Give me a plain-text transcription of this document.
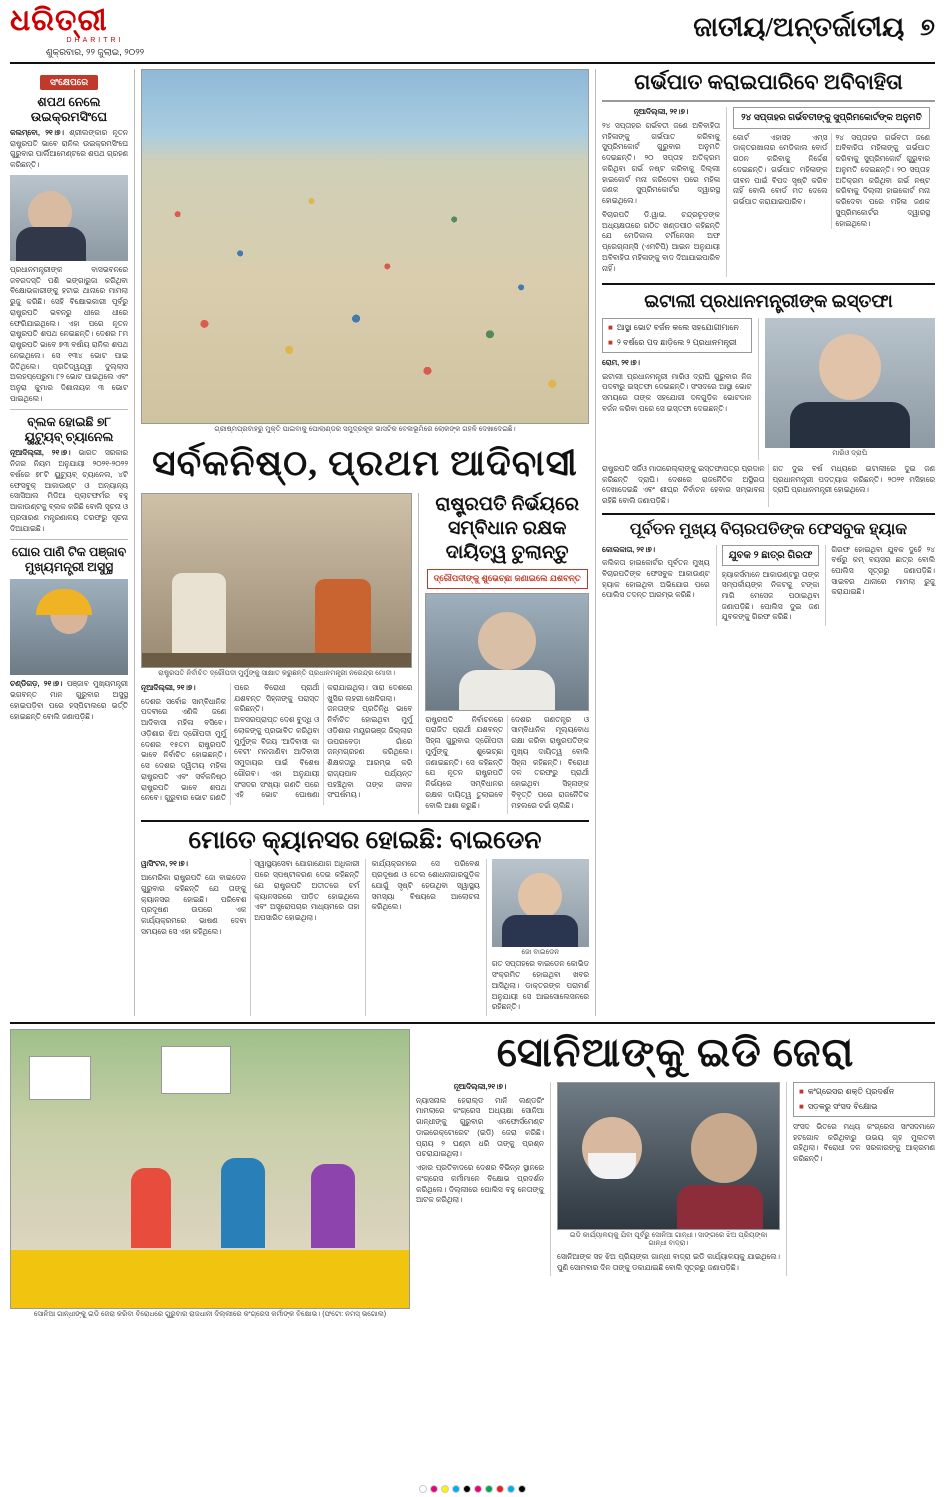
ଧରିତ୍ରୀ
DHARITRI
ଶୁକ୍ରବାର, ୨୨ ଜୁଲାଇ, ୨୦୨୨
ଜାତୀୟ/ଅନ୍ତର୍ଜାତୀୟ ୭
ସଂକ୍ଷେପରେ
ଶପଥ ନେଲେ ଉଇକ୍ରମସିଂଘେ
କଲମ୍ବୋ, ୨୧।୭। ଶ୍ରୀଲଙ୍କାର ନୂତନ ରାଷ୍ଟ୍ରପତି ଭାବେ ରାନିଲ ଉଇକ୍ରମସିଂଘେ ଗୁରୁବାର ପାର୍ଲିଆମେଣ୍ଟରେ ଶପଥ ଗ୍ରହଣ କରିଛନ୍ତି।
ପ୍ରଧାନମନ୍ତ୍ରୀଙ୍କ ବାସଭବନରେ ଜବରଦସ୍ତି ପଶି ଭଙ୍ଗାରୁଜା କରିଥିବା ବିକ୍ଷୋଭକାରୀଙ୍କୁ ହଟାଇ ଥାନାରେ ମାମଲା ରୁଜୁ କରିଛି। ସେହି ବିକ୍ଷୋଭକାରୀ ପୂର୍ବରୁ ରାଷ୍ଟ୍ରପତି ଭବନରୁ ଧୀରେ ଧୀରେ ଫେରିଯାଇଥିଲେ। ଏହା ପରେ ନୂତନ ରାଷ୍ଟ୍ରପତି ଶପଥ ନେଇଛନ୍ତି। ଦେଶର ୮ମ ରାଷ୍ଟ୍ରପତି ଭାବେ ୭୩ ବର୍ଷୀୟ ରାନିଲ ଶପଥ ନେଇଥିଲେ। ସେ ୧୩୪ ଭୋଟ ପାଇ ଜିତିଥିଲେ। ପ୍ରତିଦ୍ୱନ୍ଦ୍ୱୀ ଦୁଲ୍ଲାସ ଅଲହପ୍ପେରୁମା ୮୨ ଭୋଟ ପାଇଥିଲେ ଏବଂ ଅନୁରା କୁମାର ଦିଶାନାୟକ ୩ ଭୋଟ ପାଇଥିଲେ।
ବ୍ଲକ ହୋଇଛି ୭୮ ୟୁଟ୍ୟୁବ୍ ଚ୍ୟାନେଲ
ନୂଆଦିଲ୍ଲୀ, ୨୧।୭। ଭାରତ ସରକାର ନିଜର ନିୟମ ଅନୁଯାୟୀ ୨୦୨୧-୨୦୨୨ ବର୍ଷରେ ୭୮ଟି ୟୁଟ୍ୟୁବ୍ ଚ୍ୟାନେଲ, ୪ଟି ଫେସବୁକ୍ ଆକାଉଣ୍ଟ ଓ ଅନ୍ୟାନ୍ୟ ସୋସିଆଲ ମିଡିଆ ପ୍ଲାଟଫର୍ମର ବହୁ ଆକାଉଣ୍ଟକୁ ବ୍ଲକ କରିଛି ବୋଲି ସୂଚନା ଓ ପ୍ରସାରଣ ମନ୍ତ୍ରଣାଳୟ ତରଫରୁ ସୂଚନା ଦିଆଯାଇଛି।
ଘୋର ପାଣି ଟିକ ପଞ୍ଜାବ ମୁଖ୍ୟମନ୍ତ୍ରୀ ଅସୁସ୍ଥ
ଚଣ୍ଡିଗଡ଼, ୨୧।୭। ପଞ୍ଜାବ ମୁଖ୍ୟମନ୍ତ୍ରୀ ଭଗବନ୍ତ ମାନ ଗୁରୁବାର ଅସୁସ୍ଥ ହୋଇପଡ଼ିବା ପରେ ହସ୍ପିଟାଲରେ ଭର୍ତ୍ତି ହୋଇଛନ୍ତି ବୋଲି ଜଣାପଡ଼ିଛି।
ଗ୍ରୀଷ୍ମପ୍ରବାହରୁ ମୁକ୍ତି ପାଇବାକୁ ପୋଲାଣ୍ଡର ସମୁଦ୍ରକୂଳ ଭାସଟିକ ବେଳାଭୂମିରେ ଲୋକଙ୍କ ଗହଳି ଦେଖାଦେଇଛି।
ସର୍ବକନିଷ୍ଠ, ପ୍ରଥମ ଆଦିବାସୀ
ରାଷ୍ଟ୍ରପତି ନିର୍ବାଚିତ ଦ୍ରୌପଦୀ ମୁର୍ମୁଙ୍କୁ ସାକ୍ଷାତ କରୁଛନ୍ତି ପ୍ରଧାନମନ୍ତ୍ରୀ ନରେନ୍ଦ୍ର ମୋଦୀ।

ନୂଆଦିଲ୍ଲୀ, ୨୧।୭।

ଦେଶର ସର୍ବୋଚ୍ଚ ସାମ୍ବିଧାନିକ ପଦବୀରେ ଏଣିକି ଜଣେ ଆଦିବାସୀ ମହିଳା ବସିବେ। ଓଡ଼ିଶାର ଝିଅ ଦ୍ରୌପଦୀ ମୁର୍ମୁ ଦେଶର ୧୫ତମ ରାଷ୍ଟ୍ରପତି ଭାବେ ନିର୍ବାଚିତ ହୋଇଛନ୍ତି। ସେ ଦେଶର ଦ୍ୱିତୀୟ ମହିଳା ରାଷ୍ଟ୍ରପତି ଏବଂ ସର୍ବକନିଷ୍ଠ ରାଷ୍ଟ୍ରପତି ଭାବେ ଶପଥ ନେବେ। ଗୁରୁବାର ଭୋଟ ଗଣତି ପରେ ବିରୋଧୀ ପ୍ରାର୍ଥୀ ଯଶବନ୍ତ ସିହ୍ନାଙ୍କୁ ପରାସ୍ତ କରିଛନ୍ତି।

ଅବସରପ୍ରାପ୍ତ ଦେଶ ବୁଦ୍ଧି ଓ ଲୋକଙ୍କୁ ପ୍ରଭାବିତ କରିଥିବା ମୁର୍ମୁଙ୍କ ବିଜୟ 'ଆଦିବାସୀ କା ବେଟୀ' ମନଜାଣିବା ଆଦିବାସୀ ସମୁଦାୟର ପାଇଁ ବିଶେଷ ଗୌରବ। ଏହା ଅନୁଯାୟୀ ସଂସଦର ସଂଖ୍ୟା ଗଣତି ପରେ ଏହି ଭୋଟ ଘୋଷଣା କରାଯାଇଥିଲା। ସାରା ଦେଶରେ ଖୁସିର ଲହରୀ ଖେଳିଗଲା।

ଜନତାଙ୍କ ପ୍ରତିନିଧି ଭାବେ ନିର୍ବାଚିତ ହୋଇଥିବା ମୁର୍ମୁ ଓଡ଼ିଶାର ମୟୂରଭଞ୍ଜ ଜିଲ୍ଲାର ଉପରବେଡ଼ା ଗାଁରେ ଜନ୍ମଗ୍ରହଣ କରିଥିଲେ। ଶିକ୍ଷକତାରୁ ଆରମ୍ଭ କରି ରାଜ୍ୟପାଳ ପର୍ଯ୍ୟନ୍ତ ପହଞ୍ଚିଥିବା ତାଙ୍କ ଜୀବନ ସଂଘର୍ଷମୟ।

ରାଷ୍ଟ୍ରପତି ନିର୍ଭୟରେ ସମ୍ବିଧାନ ରକ୍ଷକ ଦାୟିତ୍ୱ ତୁଲାନ୍ତୁ
ଦ୍ରୌପଦୀଙ୍କୁ ଶୁଭେଚ୍ଛା ଜଣାଇଲେ ଯଶବନ୍ତ

ରାଷ୍ଟ୍ରପତି ନିର୍ବାଚନରେ ପରାଜିତ ପ୍ରାର୍ଥୀ ଯଶବନ୍ତ ସିହ୍ନା ଗୁରୁବାର ଦ୍ରୌପଦୀ ମୁର୍ମୁଙ୍କୁ ଶୁଭେଚ୍ଛା ଜଣାଇଛନ୍ତି। ସେ କହିଛନ୍ତି ଯେ ନୂତନ ରାଷ୍ଟ୍ରପତି ନିର୍ଭୟରେ ସମ୍ବିଧାନର ରକ୍ଷକ ଦାୟିତ୍ୱ ତୁଲାଇବେ ବୋଲି ଆଶା କରୁଛି।

ଦେଶର ଗଣତନ୍ତ୍ର ଓ ସାମ୍ବିଧାନିକ ମୂଲ୍ୟବୋଧ ରକ୍ଷା କରିବା ରାଷ୍ଟ୍ରପତିଙ୍କ ମୁଖ୍ୟ ଦାୟିତ୍ୱ ବୋଲି ସିହ୍ନା କହିଛନ୍ତି। ବିରୋଧୀ ଦଳ ତରଫରୁ ପ୍ରାର୍ଥୀ ହୋଇଥିବା ସିହ୍ନାଙ୍କ ବିବୃତ୍ତି ପରେ ରାଜନୈତିକ ମହଲରେ ଚର୍ଚ୍ଚା ଚାଲିଛି।

ମୋତେ କ୍ୟାନସର ହୋଇଛି: ବାଇଡେନ

ୱାସିଂଟନ, ୨୧।୭।

ଆମେରିକା ରାଷ୍ଟ୍ରପତି ଜୋ ବାଇଡେନ ଗୁରୁବାର କହିଛନ୍ତି ଯେ ତାଙ୍କୁ କ୍ୟାନସର ହୋଇଛି। ପରିବେଶ ପ୍ରଦୂଷଣ ଉପରେ ଏକ କାର୍ଯ୍ୟକ୍ରମରେ ଭାଷଣ ଦେବା ସମୟରେ ସେ ଏହା କହିଥିଲେ।

ସ୍ୱାସ୍ଥ୍ୟସେବା ଯୋଗାଯୋଗ ଅଧିକାରୀ ପରେ ସ୍ପଷ୍ଟୀକରଣ ଦେଇ କହିଛନ୍ତି ଯେ ରାଷ୍ଟ୍ରପତି ଅତୀତରେ ଚର୍ମ କ୍ୟାନସରରେ ପୀଡ଼ିତ ହୋଇଥିଲେ ଏବଂ ଅସ୍ତ୍ରୋପଚାର ମାଧ୍ୟମରେ ତାହା ଅପସାରିତ ହୋଇଥିଲା।

କାର୍ଯ୍ୟକ୍ରମରେ ସେ ପରିବେଶ ପ୍ରଦୂଷଣ ଓ ତେଲ ଶୋଧନାଗାରଗୁଡ଼ିକ ଯୋଗୁଁ ସୃଷ୍ଟି ହେଉଥିବା ସ୍ୱାସ୍ଥ୍ୟ ସମସ୍ୟା ବିଷୟରେ ଆଲୋଚନା କରିଥିଲେ।

ଜୋ ବାଇଡେନ

ଗତ ସପ୍ତାହରେ ବାଇଡେନ କୋଭିଡ ସଂକ୍ରମିତ ହୋଇଥିବା ଖବର ଆସିଥିଲା। ଡାକ୍ତରଙ୍କ ପରାମର୍ଶ ଅନୁଯାୟୀ ସେ ଆଇସୋଲେସନରେ ରହିଛନ୍ତି।

ଗର୍ଭପାତ କରାଇପାରିବେ ଅବିବାହିତା

ନୂଆଦିଲ୍ଲୀ, ୨୧।୭।

୨୪ ସପ୍ତାହର ଗର୍ଭବତୀ ଜଣେ ଅବିବାହିତା ମହିଳାଙ୍କୁ ଗର୍ଭପାତ କରିବାକୁ ସୁପ୍ରିମକୋର୍ଟ ଗୁରୁବାର ଅନୁମତି ଦେଇଛନ୍ତି। ୨୦ ସପ୍ତାହ ଅତିକ୍ରମ କରିଥିବା ଗର୍ଭ ନଷ୍ଟ କରିବାକୁ ଦିଲ୍ଲୀ ହାଇକୋର୍ଟ ମନା କରିଦେବା ପରେ ମହିଳା ଜଣକ ସୁପ୍ରିମକୋର୍ଟର ଦ୍ୱାରସ୍ଥ ହୋଇଥିଲେ।

ବିଚାରପତି ଡି.ୱାଇ. ଚନ୍ଦ୍ରଚୂଡ଼ଙ୍କ ଅଧ୍ୟକ୍ଷତାରେ ଗଠିତ ଖଣ୍ଡପୀଠ କହିଛନ୍ତି ଯେ ମେଡିକାଲ ଟର୍ମିନେସନ ଅଫ ପ୍ରେଗ୍ନାନ୍ସି (ଏମଟିପି) ଆଇନ ଅନୁଯାୟୀ ଅବିବାହିତା ମହିଳାଙ୍କୁ ବାଦ ଦିଆଯାଇପାରିବ ନାହିଁ।

୨୪ ସପ୍ତାହର ଗର୍ଭବତୀଙ୍କୁ ସୁପ୍ରିମକୋର୍ଟଙ୍କ ଅନୁମତି

କୋର୍ଟ ଏହାସହ ଏମ୍ସ ଡାକ୍ତରଖାନାର ମେଡିକାଲ ବୋର୍ଡ ଗଠନ କରିବାକୁ ନିର୍ଦ୍ଦେଶ ଦେଇଛନ୍ତି। ଗର୍ଭପାତ ମହିଳାଙ୍କ ଜୀବନ ପାଇଁ ବିପଦ ସୃଷ୍ଟି କରିବ ନାହିଁ ବୋଲି ବୋର୍ଡ ମତ ଦେଲେ ଗର୍ଭପାତ କରାଯାଇପାରିବ।

୨୪ ସପ୍ତାହର ଗର୍ଭବତୀ ଜଣେ ଅବିବାହିତା ମହିଳାଙ୍କୁ ଗର୍ଭପାତ କରିବାକୁ ସୁପ୍ରିମକୋର୍ଟ ଗୁରୁବାର ଅନୁମତି ଦେଇଛନ୍ତି। ୨୦ ସପ୍ତାହ ଅତିକ୍ରମ କରିଥିବା ଗର୍ଭ ନଷ୍ଟ କରିବାକୁ ଦିଲ୍ଲୀ ହାଇକୋର୍ଟ ମନା କରିଦେବା ପରେ ମହିଳା ଜଣକ ସୁପ୍ରିମକୋର୍ଟର ଦ୍ୱାରସ୍ଥ ହୋଇଥିଲେ।

ଇଟାଲୀ ପ୍ରଧାନମନ୍ତ୍ରୀଙ୍କ ଇସ୍ତଫା
■ ଆସ୍ଥା ଭୋଟ ବର୍ଜନ କଲେ ସହଯୋଗୀମାନେ
■ ୨ ବର୍ଷରେ ପଦ ଛାଡ଼ିଲେ ୨ ପ୍ରଧାନମନ୍ତ୍ରୀ

ରୋମ, ୨୧।୭।

ଇଟାଲୀ ପ୍ରଧାନମନ୍ତ୍ରୀ ମାରିଓ ଦ୍ରାଘି ଗୁରୁବାର ନିଜ ପଦବୀରୁ ଇସ୍ତଫା ଦେଇଛନ୍ତି। ସଂସଦରେ ଆସ୍ଥା ଭୋଟ ସମୟରେ ତାଙ୍କ ସହଯୋଗୀ ଦଳଗୁଡ଼ିକ ଭୋଟଦାନ ବର୍ଜନ କରିବା ପରେ ସେ ଇସ୍ତଫା ଦେଇଛନ୍ତି।

ମାରିଓ ଦ୍ରାଘି

ରାଷ୍ଟ୍ରପତି ସର୍ଜିଓ ମାତାରେଲ୍ଲାଙ୍କୁ ଇସ୍ତଫାପତ୍ର ପ୍ରଦାନ କରିଛନ୍ତି ଦ୍ରାଘି। ଦେଶରେ ରାଜନୈତିକ ଅସ୍ଥିରତା ଦେଖାଦେଇଛି ଏବଂ ଶୀଘ୍ର ନିର୍ବାଚନ ହେବାର ସମ୍ଭାବନା ରହିଛି ବୋଲି ଜଣାପଡ଼ିଛି।

ଗତ ଦୁଇ ବର୍ଷ ମଧ୍ୟରେ ଇଟାଲୀରେ ଦୁଇ ଜଣ ପ୍ରଧାନମନ୍ତ୍ରୀ ପଦତ୍ୟାଗ କରିଛନ୍ତି। ୨୦୨୧ ମସିହାରେ ଦ୍ରାଘି ପ୍ରଧାନମନ୍ତ୍ରୀ ହୋଇଥିଲେ।

ପୂର୍ବତନ ମୁଖ୍ୟ ବିଚାରପତିଙ୍କ ଫେସବୁକ ହ୍ୟାକ

କୋଲକାତା, ୨୧।୭।

କଲିକତା ହାଇକୋର୍ଟର ପୂର୍ବତନ ମୁଖ୍ୟ ବିଚାରପତିଙ୍କ ଫେସବୁକ ଆକାଉଣ୍ଟ ହ୍ୟାକ ହୋଇଥିବା ଅଭିଯୋଗ ପରେ ପୋଲିସ ତଦନ୍ତ ଆରମ୍ଭ କରିଛି।

ଯୁବକ ୨ ଛାତ୍ର ଗିରଫ

ହ୍ୟାକର୍ସମାନେ ଆକାଉଣ୍ଟରୁ ତାଙ୍କ ସମ୍ପର୍କୀୟଙ୍କ ନିକଟକୁ ଟଙ୍କା ମାଗି ମେସେଜ ପଠାଇଥିବା ଜଣାପଡ଼ିଛି। ପୋଲିସ ଦୁଇ ଜଣ ଯୁବକଙ୍କୁ ଗିରଫ କରିଛି।

ଗିରଫ ହୋଇଥିବା ଯୁବକ ଦୁହେଁ ୨୪ ବର୍ଷରୁ କମ୍ ବୟସର ଛାତ୍ର ବୋଲି ପୋଲିସ ସୂତ୍ରରୁ ଜଣାପଡ଼ିଛି। ସାଇବର ଥାନାରେ ମାମଲା ରୁଜୁ କରାଯାଇଛି।

ସୋନିଆ ଗାନ୍ଧୀଙ୍କୁ ଇଡି ଜେରା କରିବା ବିରୋଧରେ ଗୁରୁବାର ରାଜଧାନୀ ଦିଲ୍ଲୀରେ କଂଗ୍ରେସ କର୍ମୀଙ୍କ ବିକ୍ଷୋଭ। (ଫଟୋ: ନମସ୍ ଭଗୋଲ)
ସୋନିଆଙ୍କୁ ଇଡି ଜେରା

ନୂଆଦିଲ୍ଲୀ,୨୧।୭।

ନ୍ୟାସନାଲ ହେରାଲ୍ଡ ମାନି ଲଣ୍ଡରିଂ ମାମଲାରେ କଂଗ୍ରେସ ଅଧ୍ୟକ୍ଷା ସୋନିଆ ଗାନ୍ଧୀଙ୍କୁ ଗୁରୁବାର ଏନଫୋର୍ସମେଣ୍ଟ ଡାଇରେକ୍ଟୋରେଟ (ଇଡି) ଜେରା କରିଛି। ପ୍ରାୟ ୨ ଘଣ୍ଟା ଧରି ତାଙ୍କୁ ପ୍ରଶ୍ନ ପଚରାଯାଇଥିଲା।

ଏହାର ପ୍ରତିବାଦରେ ଦେଶର ବିଭିନ୍ନ ସ୍ଥାନରେ କଂଗ୍ରେସ କର୍ମୀମାନେ ବିକ୍ଷୋଭ ପ୍ରଦର୍ଶନ କରିଥିଲେ। ଦିଲ୍ଲୀରେ ପୋଲିସ ବହୁ ନେତାଙ୍କୁ ଆଟକ କରିଥିଲା।

ଇଡି କାର୍ଯ୍ୟାଳୟକୁ ଯିବା ପୂର୍ବରୁ ସୋନିଆ ଗାନ୍ଧୀ। ସାଙ୍ଗରେ ଝିଅ ପ୍ରିୟଙ୍କା ଗାନ୍ଧୀ ବାଦ୍ରା।

ସୋନିଆଙ୍କ ସହ ଝିଅ ପ୍ରିୟଙ୍କା ଗାନ୍ଧୀ ବାଦ୍ରା ଇଡି କାର୍ଯ୍ୟାଳୟକୁ ଯାଇଥିଲେ। ପୁଣି ସୋମବାର ଦିନ ତାଙ୍କୁ ଡକାଯାଇଛି ବୋଲି ସୂତ୍ରରୁ ଜଣାପଡ଼ିଛି।

■ କଂଗ୍ରେସର ଶକ୍ତି ପ୍ରଦର୍ଶନ
■ ସଡ଼କରୁ ସଂସଦ ବିକ୍ଷୋଭ

ସଂସଦ ଭିତରେ ମଧ୍ୟ କଂଗ୍ରେସ ସାଂସଦମାନେ ହଟଗୋଳ କରିଥିବାରୁ ଉଭୟ ଗୃହ ମୁଲତବୀ ରହିଥିଲା। ବିରୋଧୀ ଦଳ ସରକାରଙ୍କୁ ଆକ୍ରମଣ କରିଛନ୍ତି।
